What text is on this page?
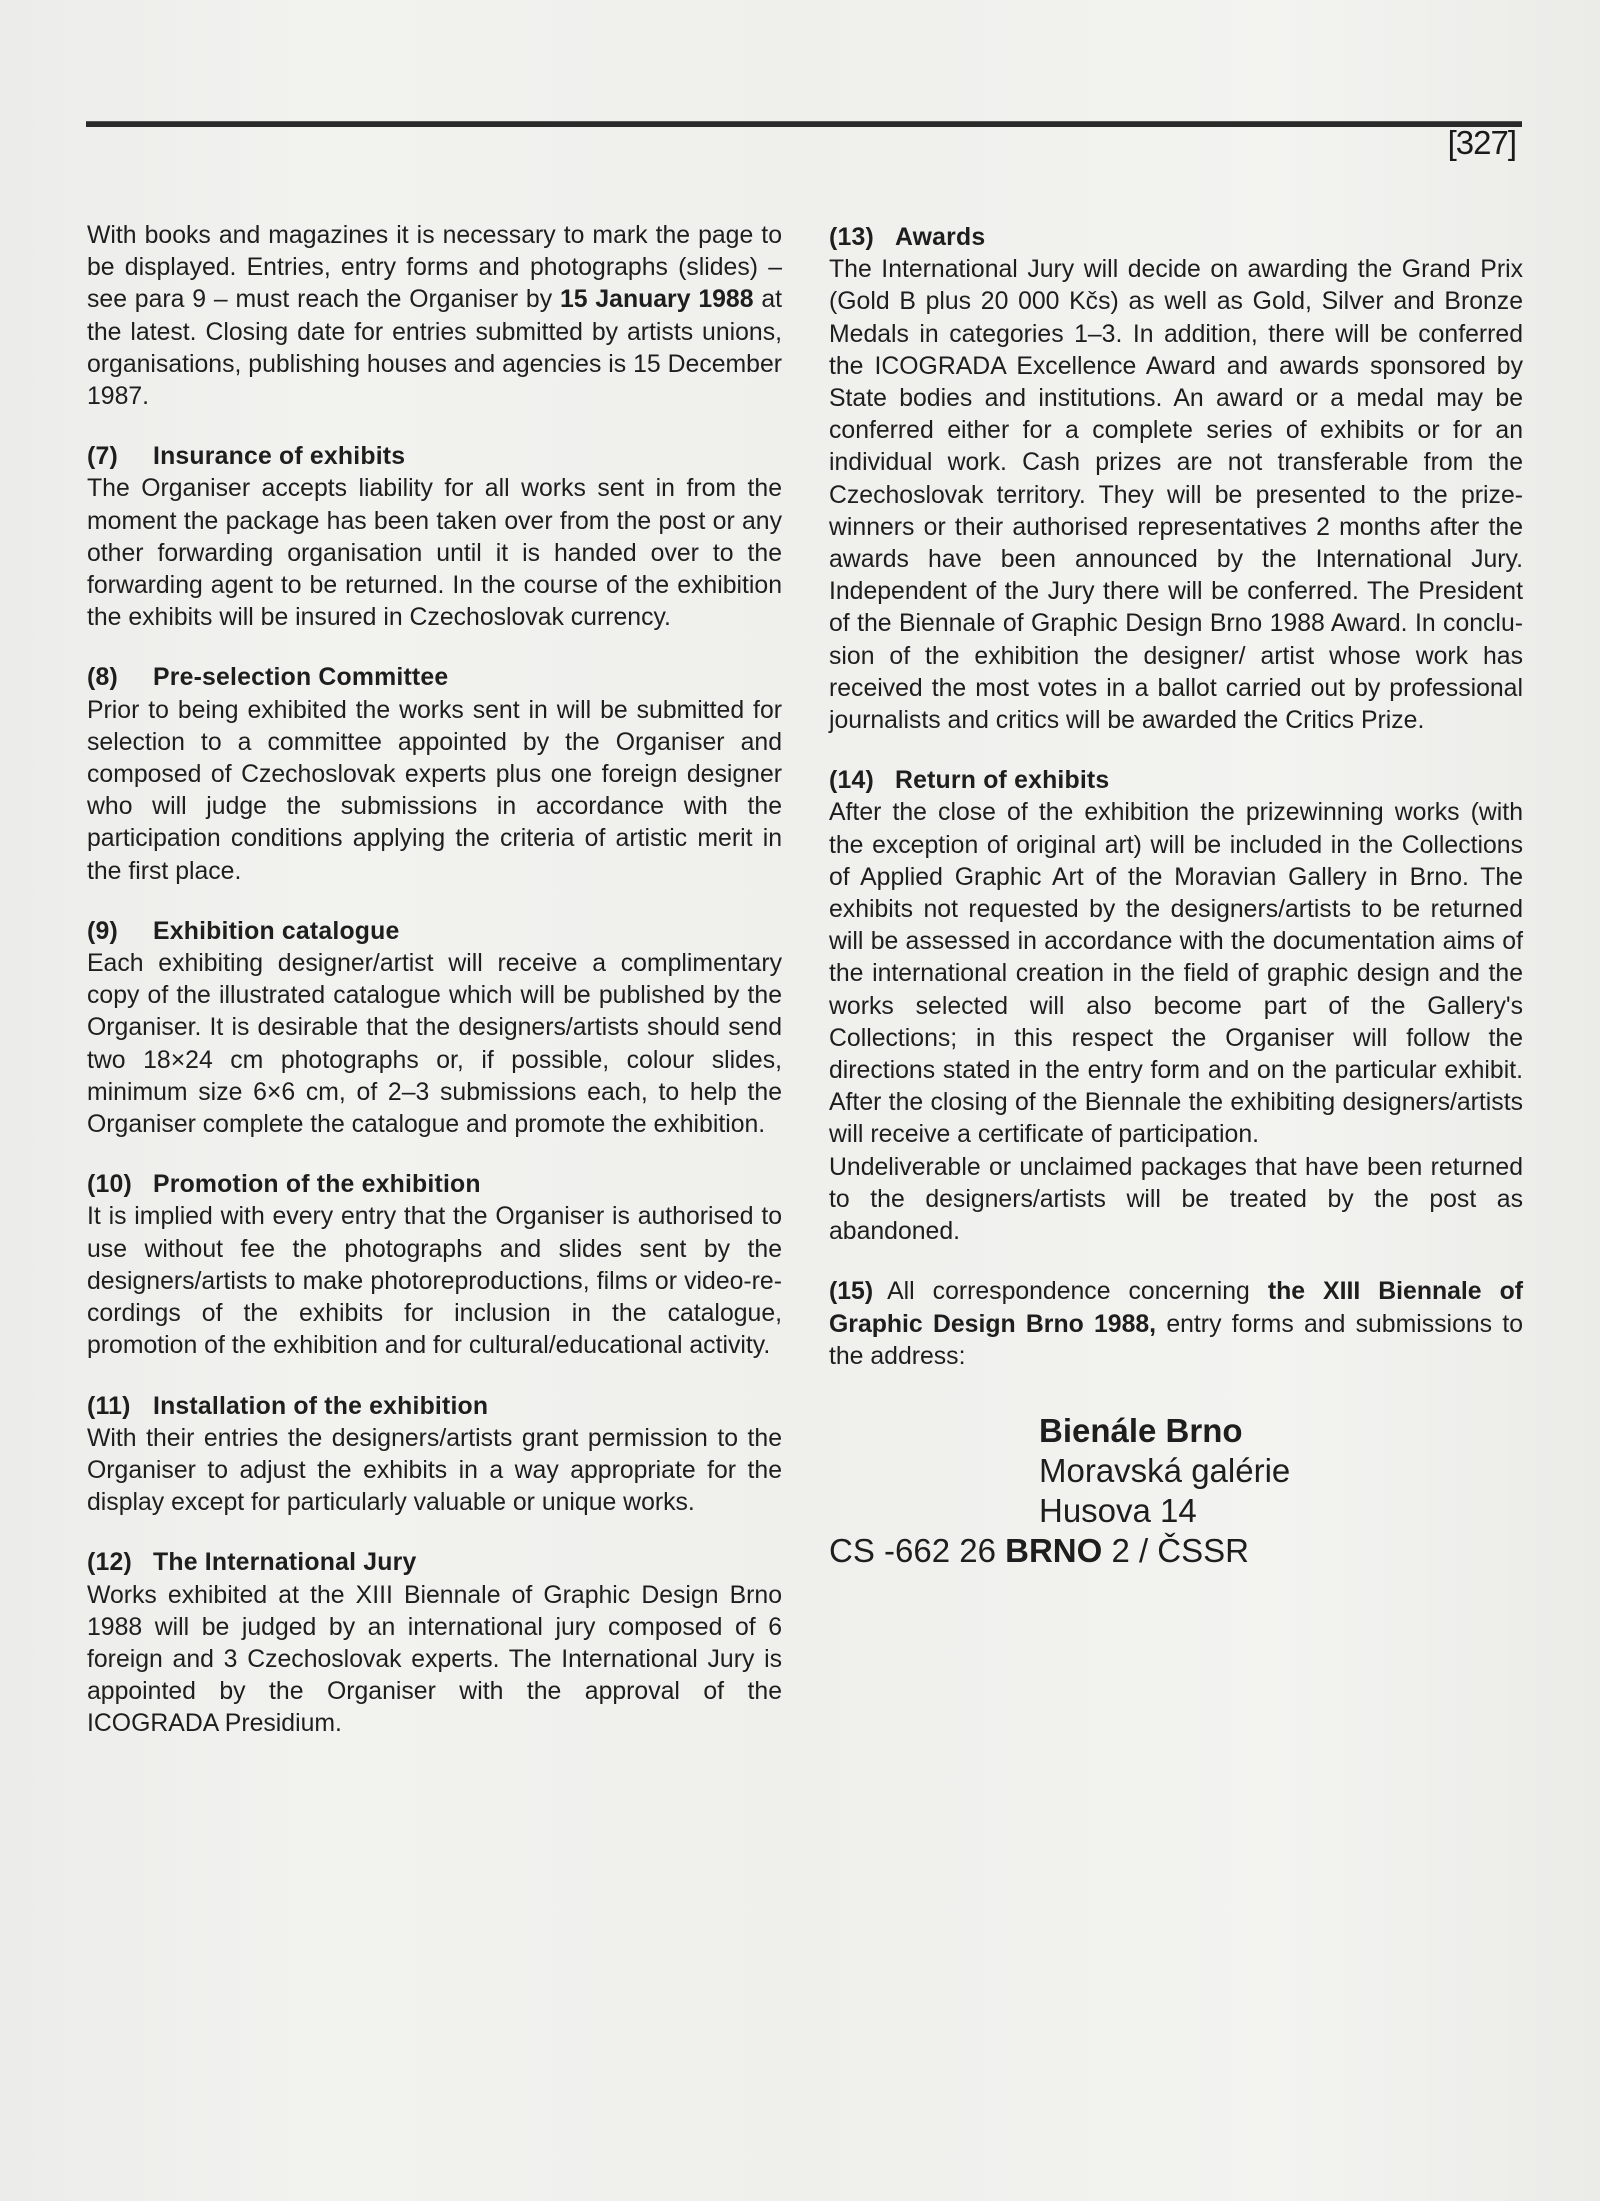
[327]

With books and magazines it is necessary to mark the page to be displayed. Entries, entry forms and photographs (slides) – see para 9 – must reach the Organiser by 15 January 1988 at the latest. Closing date for entries submitted by artists unions, organisations, publishing houses and agencies is 15 December 1987.

(7) Insurance of exhibits

The Organiser accepts liability for all works sent in from the moment the package has been taken over from the post or any other forwarding organisation until it is handed over to the forwarding agent to be returned. In the course of the exhibition the exhibits will be insured in Czechoslovak currency.

(8) Pre-selection Committee

Prior to being exhibited the works sent in will be submitted for selection to a committee appointed by the Organiser and composed of Czechoslovak experts plus one foreign designer who will judge the submissions in accordance with the participation conditions applying the criteria of artistic merit in the first place.

(9) Exhibition catalogue

Each exhibiting designer/artist will receive a complimentary copy of the illustrated catalogue which will be published by the Organiser. It is desirable that the designers/artists should send two 18×24 cm photographs or, if possible, colour slides, minimum size 6×6 cm, of 2–3 submissions each, to help the Organiser complete the catalogue and promote the exhibition.

(10) Promotion of the exhibition

It is implied with every entry that the Organiser is authorised to use without fee the photographs and slides sent by the designers/artists to make photoreproductions, films or video-recordings of the exhibits for inclusion in the catalogue, promotion of the exhibition and for cultural/educational activity.

(11) Installation of the exhibition

With their entries the designers/artists grant permission to the Organiser to adjust the exhibits in a way appropriate for the display except for particularly valuable or unique works.

(12) The International Jury

Works exhibited at the XIII Biennale of Graphic Design Brno 1988 will be judged by an international jury composed of 6 foreign and 3 Czechoslovak experts. The International Jury is appointed by the Organiser with the approval of the ICOGRADA Presidium.

(13) Awards

The International Jury will decide on awarding the Grand Prix (Gold B plus 20 000 Kčs) as well as Gold, Silver and Bronze Medals in categories 1–3. In addition, there will be conferred the ICOGRADA Excellence Award and awards sponsored by State bodies and institutions. An award or a medal may be conferred either for a complete series of exhibits or for an individual work. Cash prizes are not transferable from the Czechoslovak territory. They will be presented to the prize-winners or their authorised representatives 2 months after the awards have been announced by the International Jury. Independent of the Jury there will be conferred. The President of the Biennale of Graphic Design Brno 1988 Award. In conclusion of the exhibition the designer/ artist whose work has received the most votes in a ballot carried out by professional journalists and critics will be awarded the Critics Prize.

(14) Return of exhibits

After the close of the exhibition the prizewinning works (with the exception of original art) will be included in the Collections of Applied Graphic Art of the Moravian Gallery in Brno. The exhibits not requested by the designers/artists to be returned will be assessed in accordance with the documentation aims of the international creation in the field of graphic design and the works selected will also become part of the Gallery's Collections; in this respect the Organiser will follow the directions stated in the entry form and on the particular exhibit. After the closing of the Biennale the exhibiting designers/artists will receive a certificate of participation.

Undeliverable or unclaimed packages that have been returned to the designers/artists will be treated by the post as abandoned.

(15) All correspondence concerning the XIII Biennale of Graphic Design Brno 1988, entry forms and submissions to the address:

Bienále Brno
Moravská galérie
Husova 14
CS -662 26 BRNO 2 / ČSSR
